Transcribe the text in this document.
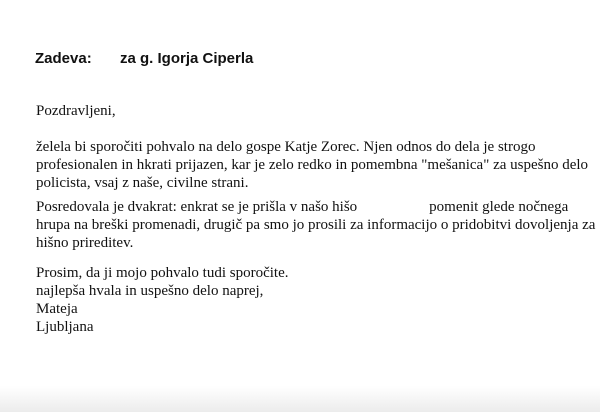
Zadeva: za g. Igorja Ciperla
Pozdravljeni,
želela bi sporočiti pohvalo na delo gospe Katje Zorec. Njen odnos do dela je strogo
profesionalen in hkrati prijazen, kar je zelo redko in pomembna "mešanica" za uspešno delo
policista, vsaj z naše, civilne strani.
Posredovala je dvakrat: enkrat se je prišla v našo hišo	pomenit glede nočnega
hrupa na breški promenadi, drugič pa smo jo prosili za informacijo o pridobitvi dovoljenja za
hišno prireditev.
Prosim, da ji mojo pohvalo tudi sporočite.
najlepša hvala in uspešno delo naprej,
Mateja
Ljubljana
